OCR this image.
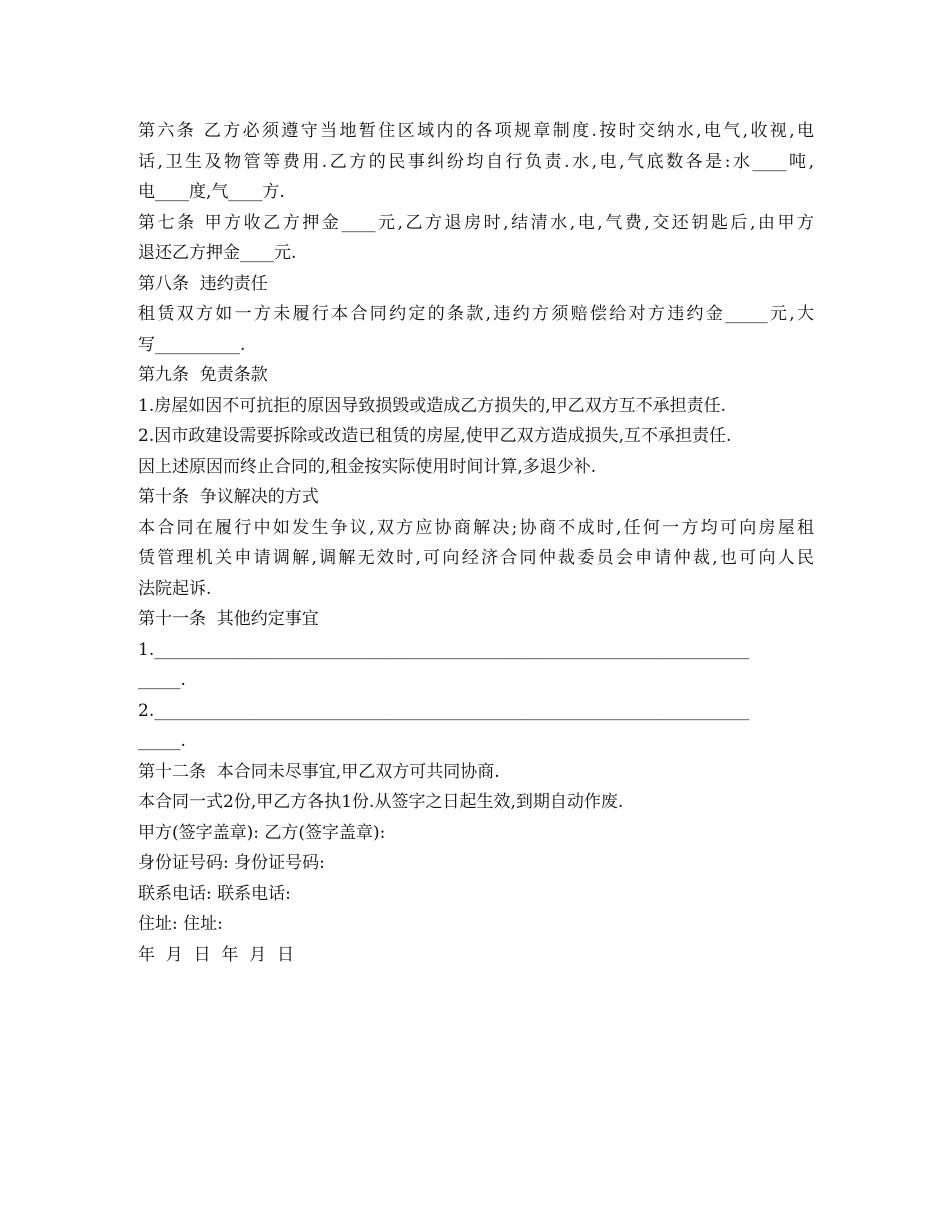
第六条 乙方必须遵守当地暂住区域内的各项规章制度.按时交纳水,电气,收视,电
话,卫生及物管等费用.乙方的民事纠纷均自行负责.水,电,气底数各是:水____吨,
电____度,气____方.
第七条 甲方收乙方押金____元,乙方退房时,结清水,电,气费,交还钥匙后,由甲方
退还乙方押金____元.
第八条  违约责任
租赁双方如一方未履行本合同约定的条款,违约方须赔偿给对方违约金_____元,大
写__________.
第九条  免责条款
1.房屋如因不可抗拒的原因导致损毁或造成乙方损失的,甲乙双方互不承担责任.
2.因市政建设需要拆除或改造已租赁的房屋,使甲乙双方造成损失,互不承担责任.
因上述原因而终止合同的,租金按实际使用时间计算,多退少补.
第十条  争议解决的方式
本合同在履行中如发生争议,双方应协商解决;协商不成时,任何一方均可向房屋租
赁管理机关申请调解,调解无效时,可向经济合同仲裁委员会申请仲裁,也可向人民
法院起诉.
第十一条  其他约定事宜
1.______________________________________________________________________
_____.
2.______________________________________________________________________
_____.
第十二条  本合同未尽事宜,甲乙双方可共同协商.
本合同一式2份,甲乙方各执1份.从签字之日起生效,到期自动作废.
甲方(签字盖章): 乙方(签字盖章):
身份证号码: 身份证号码:
联系电话: 联系电话:
住址: 住址:
年  月  日  年  月  日
